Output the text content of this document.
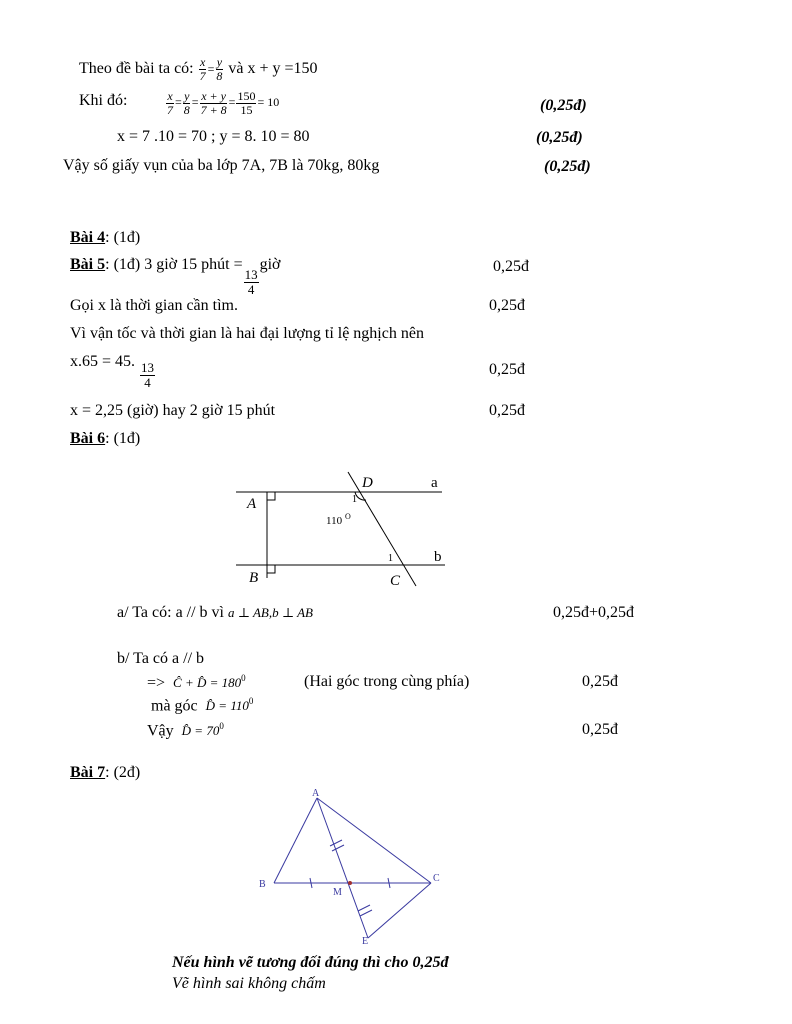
Theo đề bài ta có: $\frac{x}{7} = \frac{y}{8}$ và x + y =150
Khi đó:	$\frac{x}{7} = \frac{y}{8} = \frac{x + y}{7 + 8} = \frac{150}{15} = 10$	(0,25đ)
x = 7 .10 = 70 ; y = 8. 10 = 80	(0,25đ)
Vậy số giấy vụn của ba lớp 7A, 7B là 70kg, 80kg	(0,25đ)
Bài 4: (1đ)
Bài 5: (1đ) 3 giờ 15 phút =
$\frac{13}{4}$
giờ	0,25đ
Gọi x là thời gian cần tìm.	0,25đ
Vì vận tốc và thời gian là hai đại lượng tỉ lệ nghịch nên
x.65 = 45. $\frac{13}{4}$	0,25đ
x = 2,25 (giờ) hay 2 giờ 15 phút	0,25đ
Bài 6: (1đ)
D	a
A	1
110 O
1	b
B	C
a/ Ta có: a // b vì a ⊥ AB,b ⊥ AB	0,25đ+0,25đ
b/ Ta có a // b
=> Ĉ + D̂ = $180^0$	(Hai góc trong cùng phía)	0,25đ
mà góc D̂ = $110^0$
Vậy D̂ = $70^0$	0,25đ
Bài 7: (2đ)
A
B
C
M
E
Nếu hình vẽ tương đối đúng thì cho 0,25đ
Vẽ hình sai không chấm
